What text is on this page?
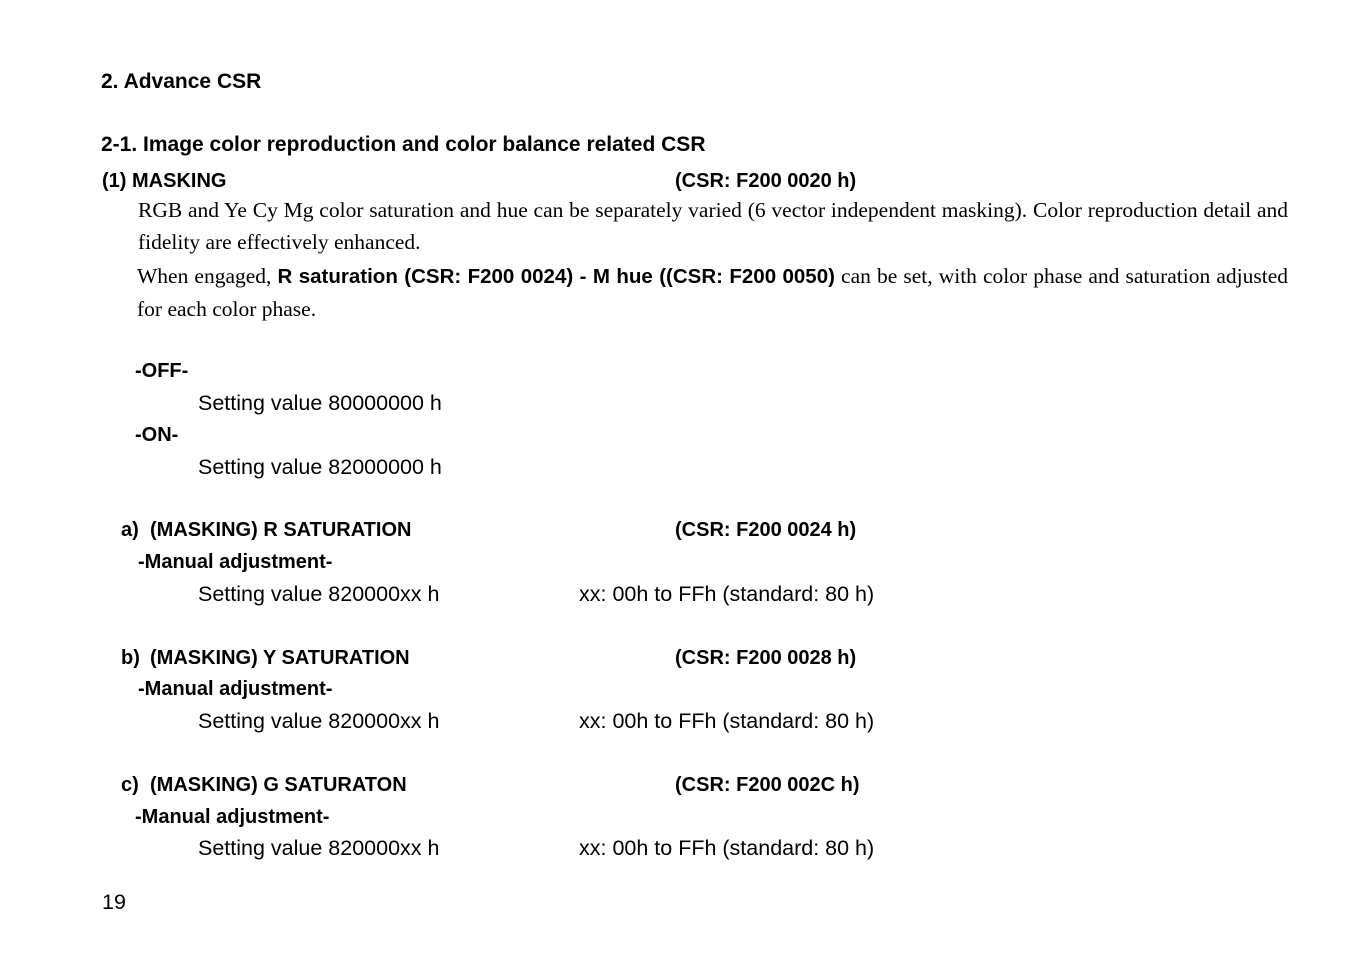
2. Advance CSR
2-1. Image color reproduction and color balance related CSR
(1) MASKING	(CSR: F200 0020 h)
RGB and Ye Cy Mg color saturation and hue can be separately varied (6 vector independent masking). Color reproduction detail and fidelity are effectively enhanced.
When engaged, R saturation (CSR: F200 0024) - M hue ((CSR: F200 0050) can be set, with color phase and saturation adjusted for each color phase.
-OFF-
Setting value 80000000 h
-ON-
Setting value 82000000 h
a) (MASKING) R SATURATION	(CSR: F200 0024 h)
-Manual adjustment-
Setting value 820000xx h	xx: 00h to FFh (standard: 80 h)
b) (MASKING) Y SATURATION	(CSR: F200 0028 h)
-Manual adjustment-
Setting value 820000xx h	xx: 00h to FFh (standard: 80 h)
c) (MASKING) G SATURATON	(CSR: F200 002C h)
-Manual adjustment-
Setting value 820000xx h	xx: 00h to FFh (standard: 80 h)
19
